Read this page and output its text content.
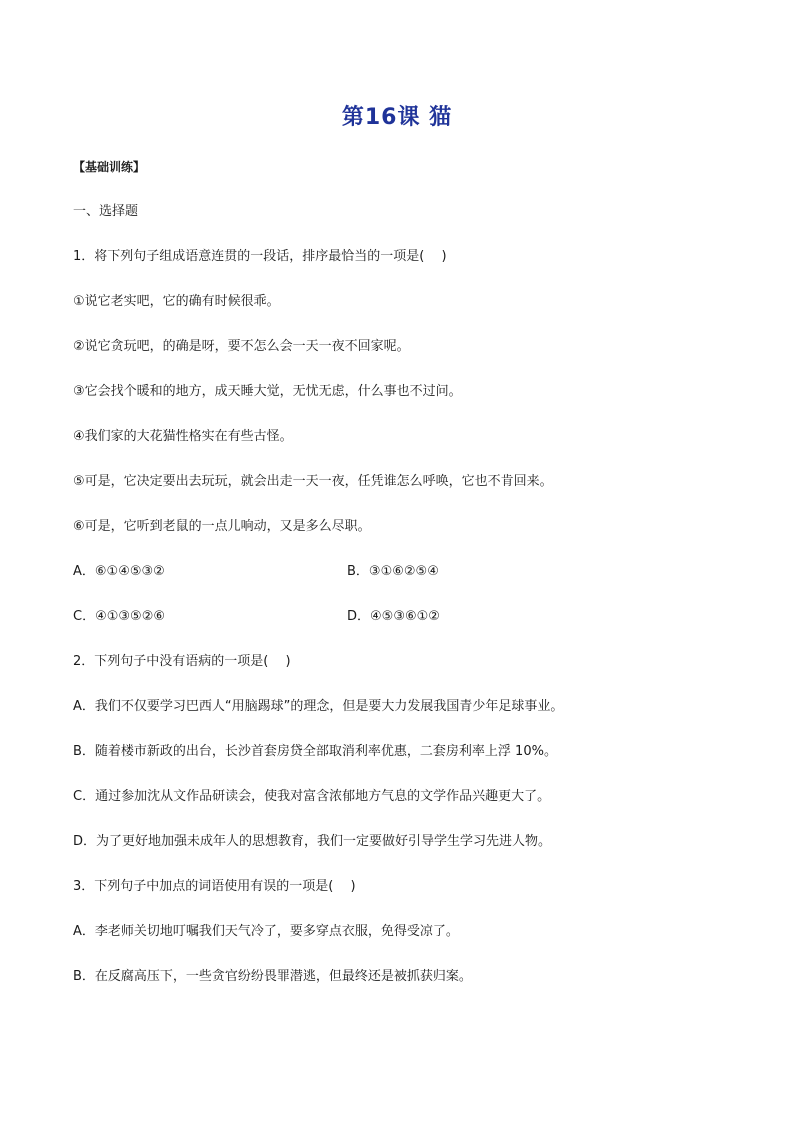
第16课 猫
【基础训练】
一、选择题
1．将下列句子组成语意连贯的一段话，排序最恰当的一项是(　 )
①说它老实吧，它的确有时候很乖。
②说它贪玩吧，的确是呀，要不怎么会一天一夜不回家呢。
③它会找个暖和的地方，成天睡大觉，无忧无虑，什么事也不过问。
④我们家的大花猫性格实在有些古怪。
⑤可是，它决定要出去玩玩，就会出走一天一夜，任凭谁怎么呼唤，它也不肯回来。
⑥可是，它听到老鼠的一点儿响动，又是多么尽职。
A．⑥①④⑤③②	B．③①⑥②⑤④
C．④①③⑤②⑥	D．④⑤③⑥①②
2．下列句子中没有语病的一项是(　 )
A．我们不仅要学习巴西人“用脑踢球”的理念，但是要大力发展我国青少年足球事业。
B．随着楼市新政的出台，长沙首套房贷全部取消利率优惠，二套房利率上浮 10%。
C．通过参加沈从文作品研读会，使我对富含浓郁地方气息的文学作品兴趣更大了。
D．为了更好地加强未成年人的思想教育，我们一定要做好引导学生学习先进人物。
3．下列句子中加点的词语使用有误的一项是(　 )
A．李老师关切地叮嘱我们天气冷了，要多穿点衣服，免得受凉了。
B．在反腐高压下，一些贪官纷纷畏罪潜逃，但最终还是被抓获归案。
